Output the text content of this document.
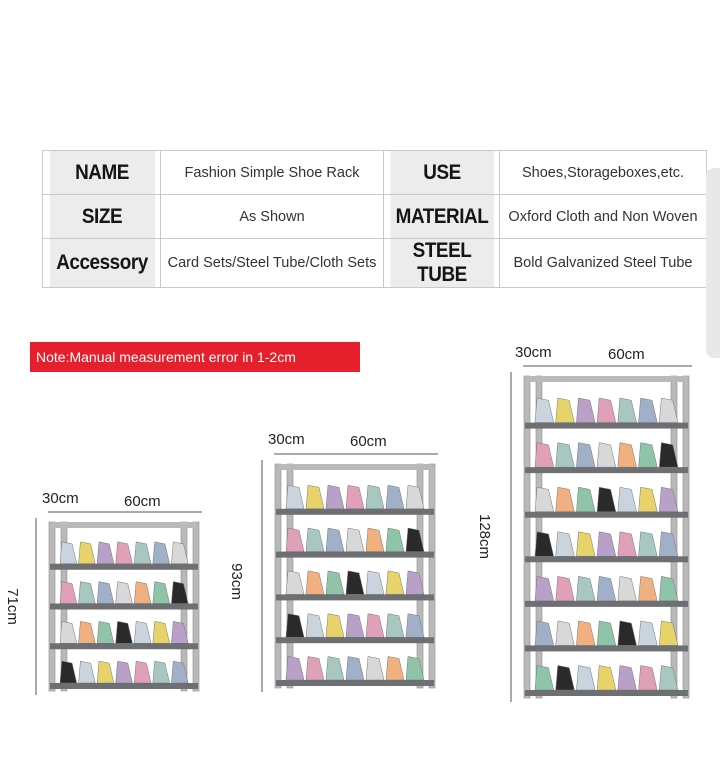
NAME	Fashion Simple Shoe Rack	USE	Shoes,Storageboxes,etc.
SIZE	As Shown	MATERIAL	Oxford Cloth and Non Woven
Accessory	Card Sets/Steel Tube/Cloth Sets	STEEL TUBE	Bold Galvanized Steel Tube
Note:Manual measurement error in 1-2cm
30cm	60cm
71cm
30cm	60cm
93cm
30cm	60cm
128cm
